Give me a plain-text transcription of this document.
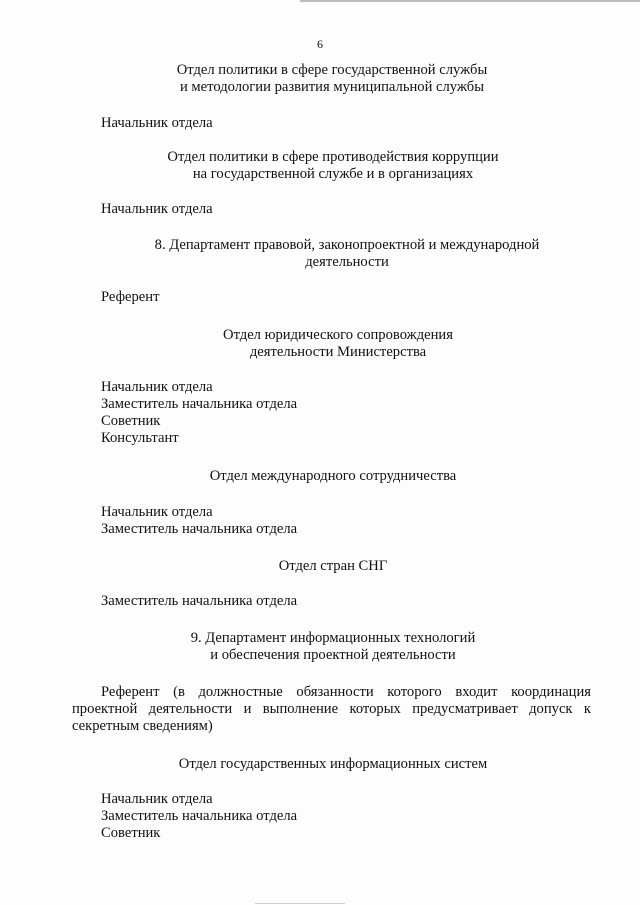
6
Отдел политики в сфере государственной службы
и методологии развития муниципальной службы
Начальник отдела
Отдел политики в сфере противодействия коррупции
на государственной службе и в организациях
Начальник отдела
8. Департамент правовой, законопроектной и международной
деятельности
Референт
Отдел юридического сопровождения
деятельности Министерства
Начальник отдела
Заместитель начальника отдела
Советник
Консультант
Отдел международного сотрудничества
Начальник отдела
Заместитель начальника отдела
Отдел стран СНГ
Заместитель начальника отдела
9. Департамент информационных технологий
и обеспечения проектной деятельности
Референт (в должностные обязанности которого входит координация
проектной деятельности и выполнение которых предусматривает допуск к
секретным сведениям)
Отдел государственных информационных систем
Начальник отдела
Заместитель начальника отдела
Советник
